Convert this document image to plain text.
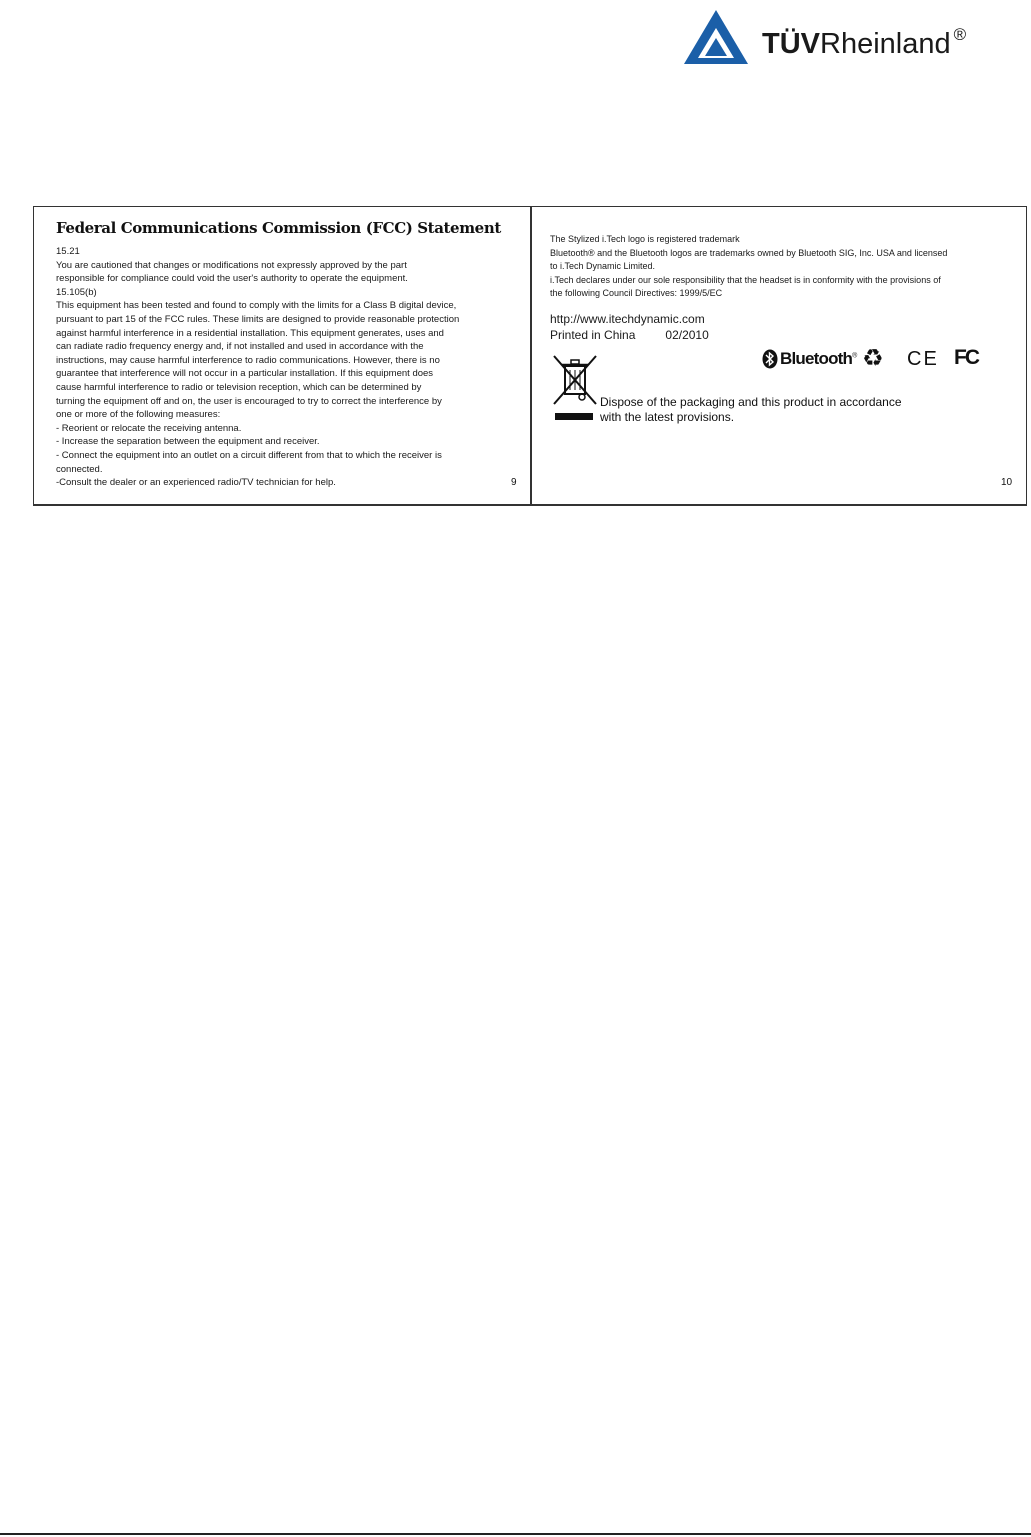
TÜVRheinland ®
Federal Communications Commission (FCC) Statement
15.21
You are cautioned that changes or modifications not expressly approved by the part
responsible for compliance could void the user's authority to operate the equipment.
15.105(b)
This equipment has been tested and found to comply with the limits for a Class B digital device,
pursuant to part 15 of the FCC rules. These limits are designed to provide reasonable protection
against harmful interference in a residential installation. This equipment generates, uses and
can radiate radio frequency energy and, if not installed and used in accordance with the
instructions, may cause harmful interference to radio communications. However, there is no
guarantee that interference will not occur in a particular installation. If this equipment does
cause harmful interference to radio or television reception, which can be determined by
turning the equipment off and on, the user is encouraged to try to correct the interference by
one or more of the following measures:
- Reorient or relocate the receiving antenna.
- Increase the separation between the equipment and receiver.
- Connect the equipment into an outlet on a circuit different from that to which the receiver is
connected.
-Consult the dealer or an experienced radio/TV technician for help.	9
The Stylized i.Tech logo is registered trademark
Bluetooth® and the Bluetooth logos are trademarks owned by Bluetooth SIG, Inc. USA and licensed
to i.Tech Dynamic Limited.
i.Tech declares under our sole responsibility that the headset is in conformity with the provisions of
the following Council Directives: 1999/5/EC
http://www.itechdynamic.com
Printed in China	02/2010
Dispose of the packaging and this product in accordance
with the latest provisions.
Bluetooth® ♻ CE FC
10
